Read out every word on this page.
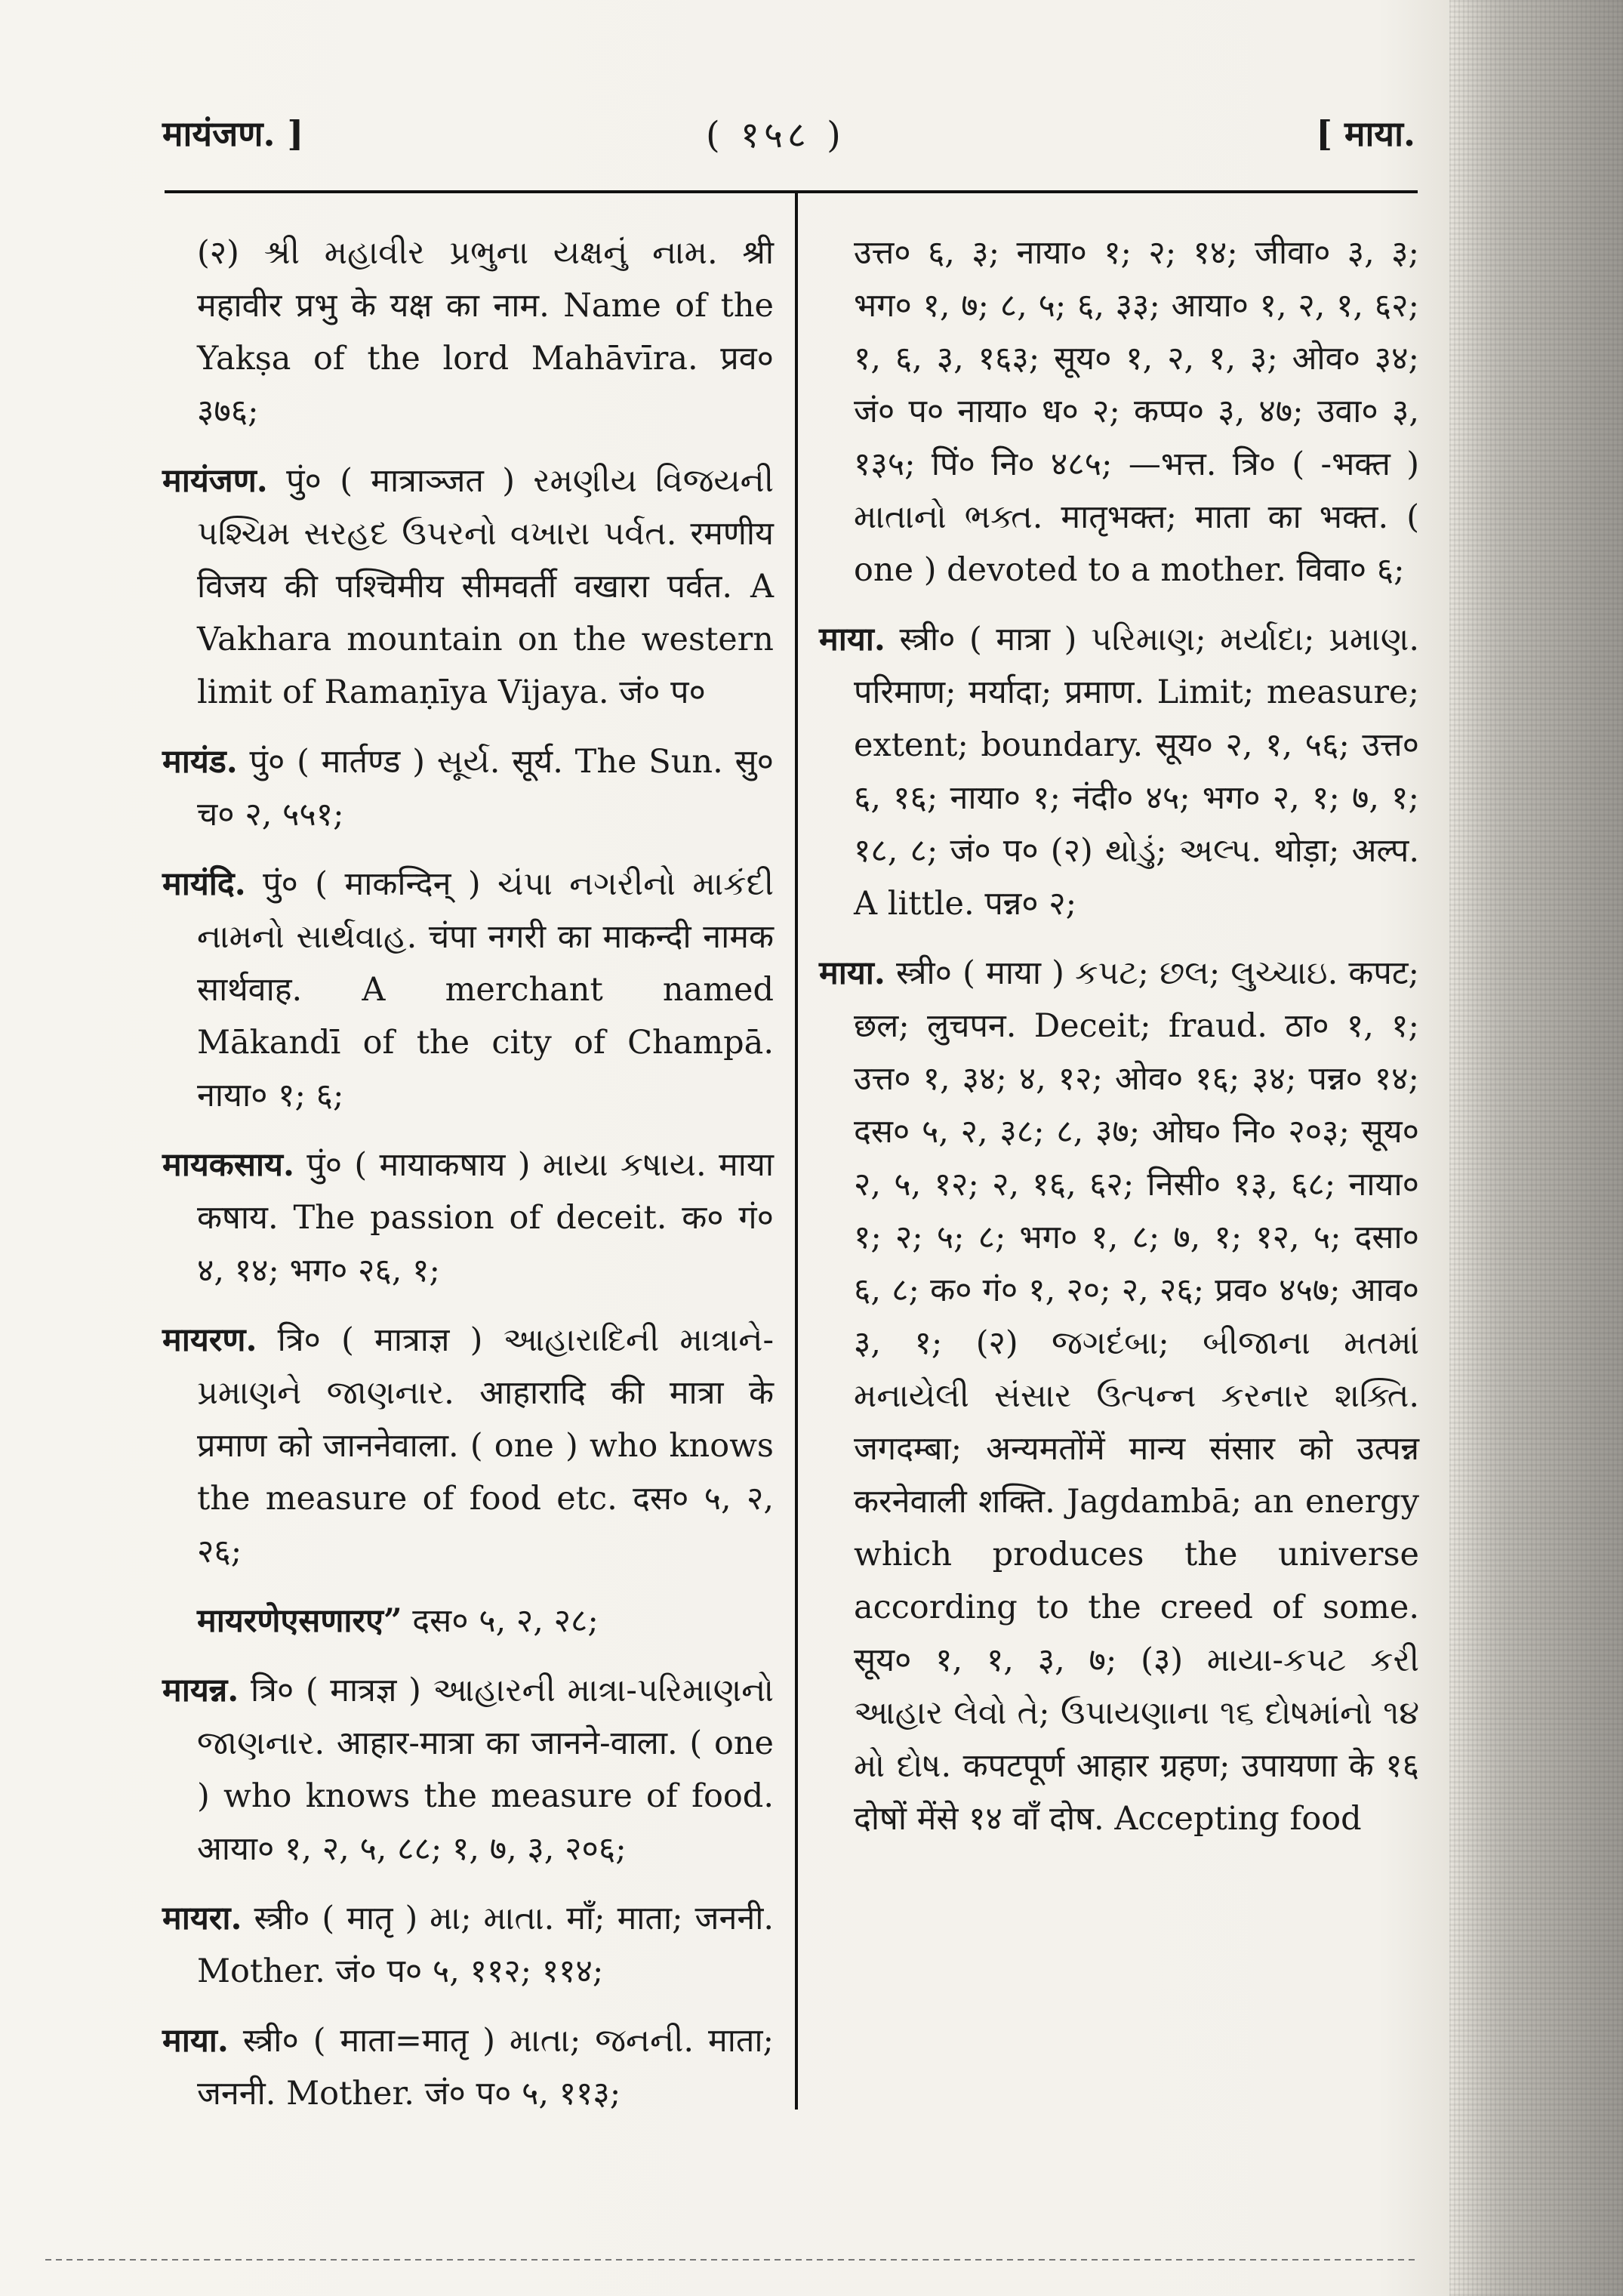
मायंजण. ]	( १५८ )	[ माया.

(२) શ્રી મહાવીર પ્રભુના યક્ષનું નામ. श्री महावीर प्रभु के यक्ष का नाम. Name of the Yakṣa of the lord Mahāvīra. प्रव० ३७६;

मायंजण. पुं० ( मात्राञ्जत ) રમણીય વિજયની પશ્ચિમ સરહદ ઉપરનો વખારા પર્વત. रमणीय विजय की पश्चिमीय सीमवर्ती वखारा पर्वत. A Vakhara mountain on the western limit of Ramaṇīya Vijaya. जं० प०

मायंड. पुं० ( मार्तण्ड ) સૂર્ય. सूर्य. The Sun. सु० च० २, ५५१;

मायंदि. पुं० ( माकन्दिन् ) ચંપા નગરીનો માકંદી નામનો સાર્થવાહ. चंपा नगरी का माकन्दी नामक सार्थवाह. A merchant named Mākandī of the city of Champā. नाया० १; ६;

मायकसाय. पुं० ( मायाकषाय ) માયા કષાય. माया कषाय. The passion of deceit. क० गं० ४, १४; भग० २६, १;

मायरण. त्रि० ( मात्राज्ञ ) આહારાદિની માત્રાને-પ્રમાણને જાણનાર. आहारादि की मात्रा के प्रमाण को जाननेवाला. ( one ) who knows the measure of food etc. दस० ५, २, २६;

मायरणेएसणारए” दस० ५, २, २८;

मायन्न. त्रि० ( मात्रज्ञ ) આહારની માત્રા-પરિમાણનો જાણનાર. आहार-मात्रा का जानने-वाला. ( one ) who knows the measure of food. आया० १, २, ५, ८८; १, ७, ३, २०६;

मायरा. स्त्री० ( मातृ ) મા; માતા. माँ; माता; जननी. Mother. जं० प० ५, ११२; ११४;

माया. स्त्री० ( माता=मातृ ) માતા; જનની. माता; जननी. Mother. जं० प० ५, ११३;

उत्त० ६, ३; नाया० १; २; १४; जीवा० ३, ३; भग० १, ७; ८, ५; ६, ३३; आया० १, २, १, ६२; १, ६, ३, १६३; सूय० १, २, १, ३; ओव० ३४; जं० प० नाया० ध० २; कप्प० ३, ४७; उवा० ३, १३५; पिं० नि० ४८५; —भत्त. त्रि० ( -भक्त ) માતાનો ભક્ત. मातृभक्त; माता का भक्त. ( one ) devoted to a mother. विवा० ६;

माया. स्त्री० ( मात्रा ) પરિમાણ; મર્યાદા; પ્રમાણ. परिमाण; मर्यादा; प्रमाण. Limit; measure; extent; boundary. सूय० २, १, ५६; उत्त० ६, १६; नाया० १; नंदी० ४५; भग० २, १; ७, १; १८, ८; जं० प० (२) થોડું; અલ્પ. थोड़ा; अल्प. A little. पन्न० २;

माया. स्त्री० ( माया ) કપટ; છલ; લુચ્ચાઇ. कपट; छल; लुचपन. Deceit; fraud. ठा० १, १; उत्त० १, ३४; ४, १२; ओव० १६; ३४; पन्न० १४; दस० ५, २, ३८; ८, ३७; ओघ० नि० २०३; सूय० २, ५, १२; २, १६, ६२; निसी० १३, ६८; नाया० १; २; ५; ८; भग० १, ८; ७, १; १२, ५; दसा० ६, ८; क० गं० १, २०; २, २६; प्रव० ४५७; आव० ३, १; (२) જગદંબા; બીજાના મતમાં મનાયેલી સંસાર ઉત્પન્ન કરનાર શક્તિ. जगदम्बा; अन्यमतोंमें मान्य संसार को उत्पन्न करनेवाली शक्ति. Jagdambā; an energy which produces the universe according to the creed of some. सूय० १, १, ३, ७; (३) માયા-કપટ કરી આહાર લેવો તે; ઉપાયણાના ૧૬ દોષમાંનો ૧૪ મો દોષ. कपटपूर्ण आहार ग्रहण; उपायणा के १६ दोषों मेंसे १४ वाँ दोष. Accepting food
